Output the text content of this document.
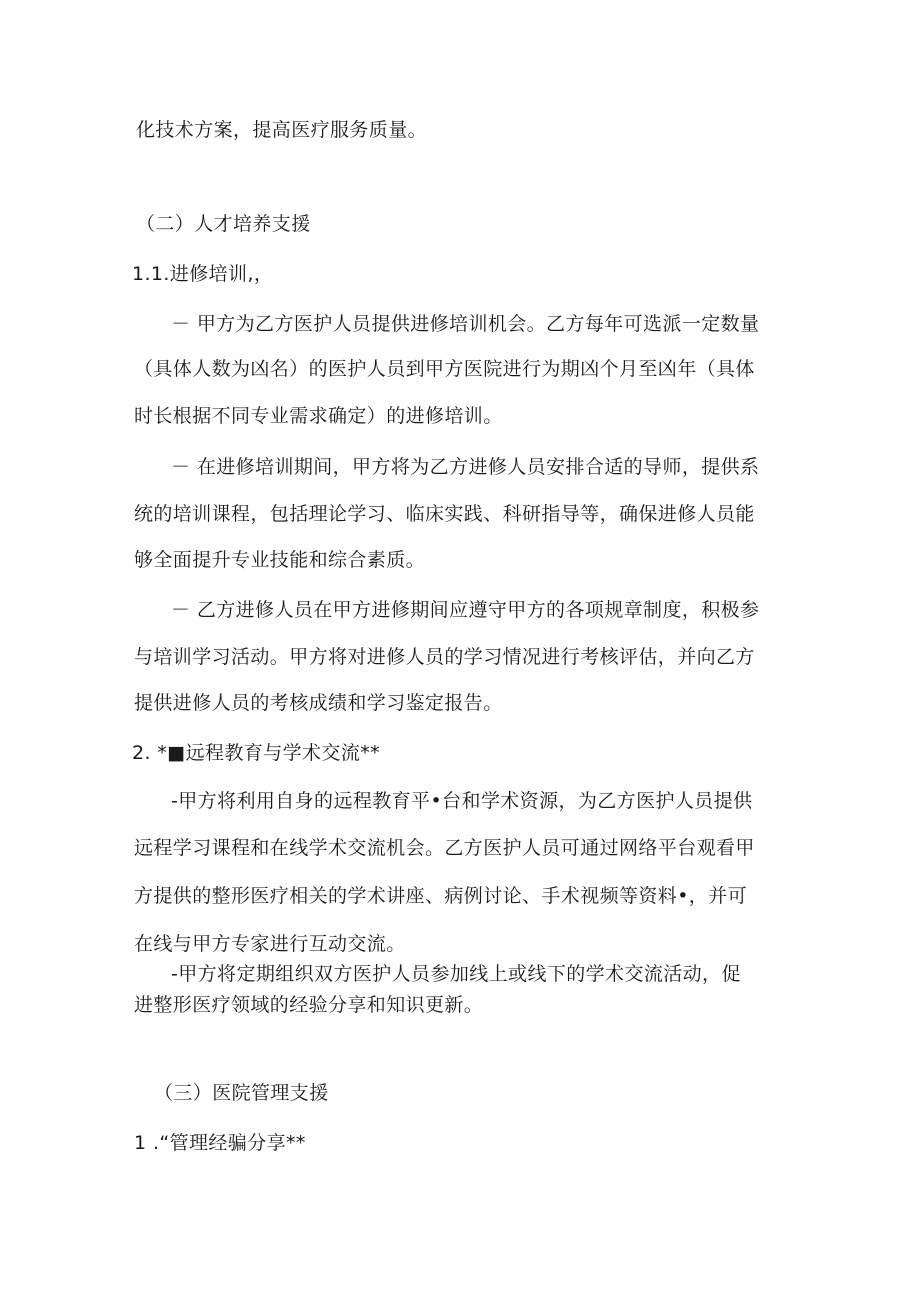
化技术方案，提高医疗服务质量。
（二）人才培养支援
1.1.进修培训,，
－ 甲方为乙方医护人员提供进修培训机会。乙方每年可选派一定数量
（具体人数为凶名）的医护人员到甲方医院进行为期凶个月至凶年（具体
时长根据不同专业需求确定）的进修培训。
－ 在进修培训期间，甲方将为乙方进修人员安排合适的导师，提供系
统的培训课程，包括理论学习、临床实践、科研指导等，确保进修人员能
够全面提升专业技能和综合素质。
－ 乙方进修人员在甲方进修期间应遵守甲方的各项规章制度，积极参
与培训学习活动。甲方将对进修人员的学习情况进行考核评估，并向乙方
提供进修人员的考核成绩和学习鉴定报告。
2. *■远程教育与学术交流**
-甲方将利用自身的远程教育平•台和学术资源，为乙方医护人员提供
远程学习课程和在线学术交流机会。乙方医护人员可通过网络平台观看甲
方提供的整形医疗相关的学术讲座、病例讨论、手术视频等资料•，并可
在线与甲方专家进行互动交流。
-甲方将定期组织双方医护人员参加线上或线下的学术交流活动，促
进整形医疗领域的经验分享和知识更新。
（三）医院管理支援
1 .“管理经骗分享**
